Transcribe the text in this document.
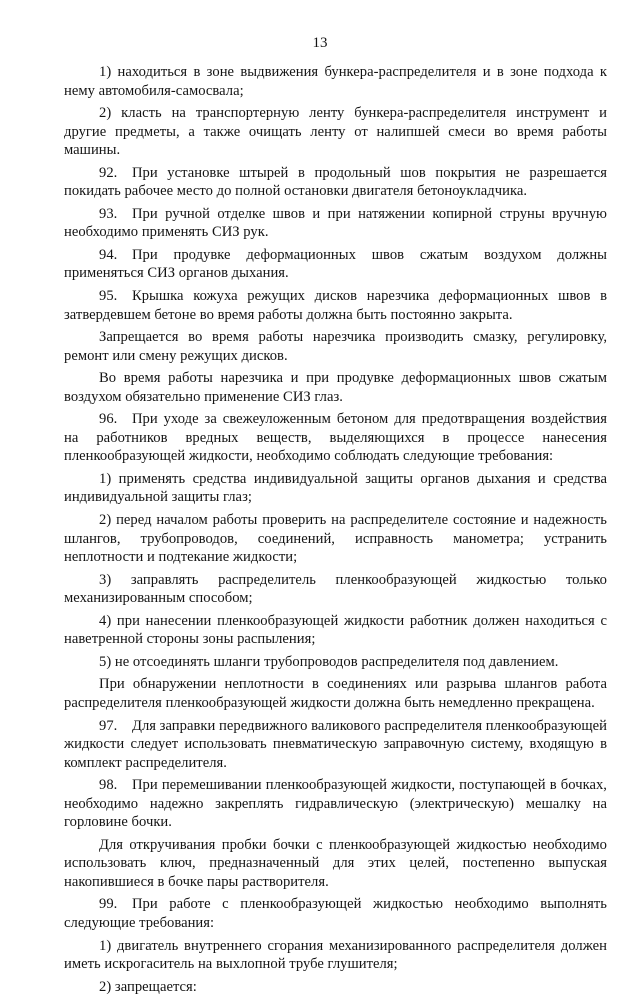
13

1) находиться в зоне выдвижения бункера-распределителя и в зоне подхода к нему автомобиля-самосвала;

2) класть на транспортерную ленту бункера-распределителя инструмент и другие предметы, а также очищать ленту от налипшей смеси во время работы машины.

92. При установке штырей в продольный шов покрытия не разрешается покидать рабочее место до полной остановки двигателя бетоноукладчика.

93. При ручной отделке швов и при натяжении копирной струны вручную необходимо применять СИЗ рук.

94. При продувке деформационных швов сжатым воздухом должны применяться СИЗ органов дыхания.

95. Крышка кожуха режущих дисков нарезчика деформационных швов в затвердевшем бетоне во время работы должна быть постоянно закрыта.

Запрещается во время работы нарезчика производить смазку, регулировку, ремонт или смену режущих дисков.

Во время работы нарезчика и при продувке деформационных швов сжатым воздухом обязательно применение СИЗ глаз.

96. При уходе за свежеуложенным бетоном для предотвращения воздействия на работников вредных веществ, выделяющихся в процессе нанесения пленкообразующей жидкости, необходимо соблюдать следующие требования:

1) применять средства индивидуальной защиты органов дыхания и средства индивидуальной защиты глаз;

2) перед началом работы проверить на распределителе состояние и надежность шлангов, трубопроводов, соединений, исправность манометра; устранить неплотности и подтекание жидкости;

3) заправлять распределитель пленкообразующей жидкостью только механизированным способом;

4) при нанесении пленкообразующей жидкости работник должен находиться с наветренной стороны зоны распыления;

5) не отсоединять шланги трубопроводов распределителя под давлением.

При обнаружении неплотности в соединениях или разрыва шлангов работа распределителя пленкообразующей жидкости должна быть немедленно прекращена.

97. Для заправки передвижного валикового распределителя пленкообразующей жидкости следует использовать пневматическую заправочную систему, входящую в комплект распределителя.

98. При перемешивании пленкообразующей жидкости, поступающей в бочках, необходимо надежно закреплять гидравлическую (электрическую) мешалку на горловине бочки.

Для откручивания пробки бочки с пленкообразующей жидкостью необходимо использовать ключ, предназначенный для этих целей, постепенно выпуская накопившиеся в бочке пары растворителя.

99. При работе с пленкообразующей жидкостью необходимо выполнять следующие требования:

1) двигатель внутреннего сгорания механизированного распределителя должен иметь искрогаситель на выхлопной трубе глушителя;

2) запрещается:
